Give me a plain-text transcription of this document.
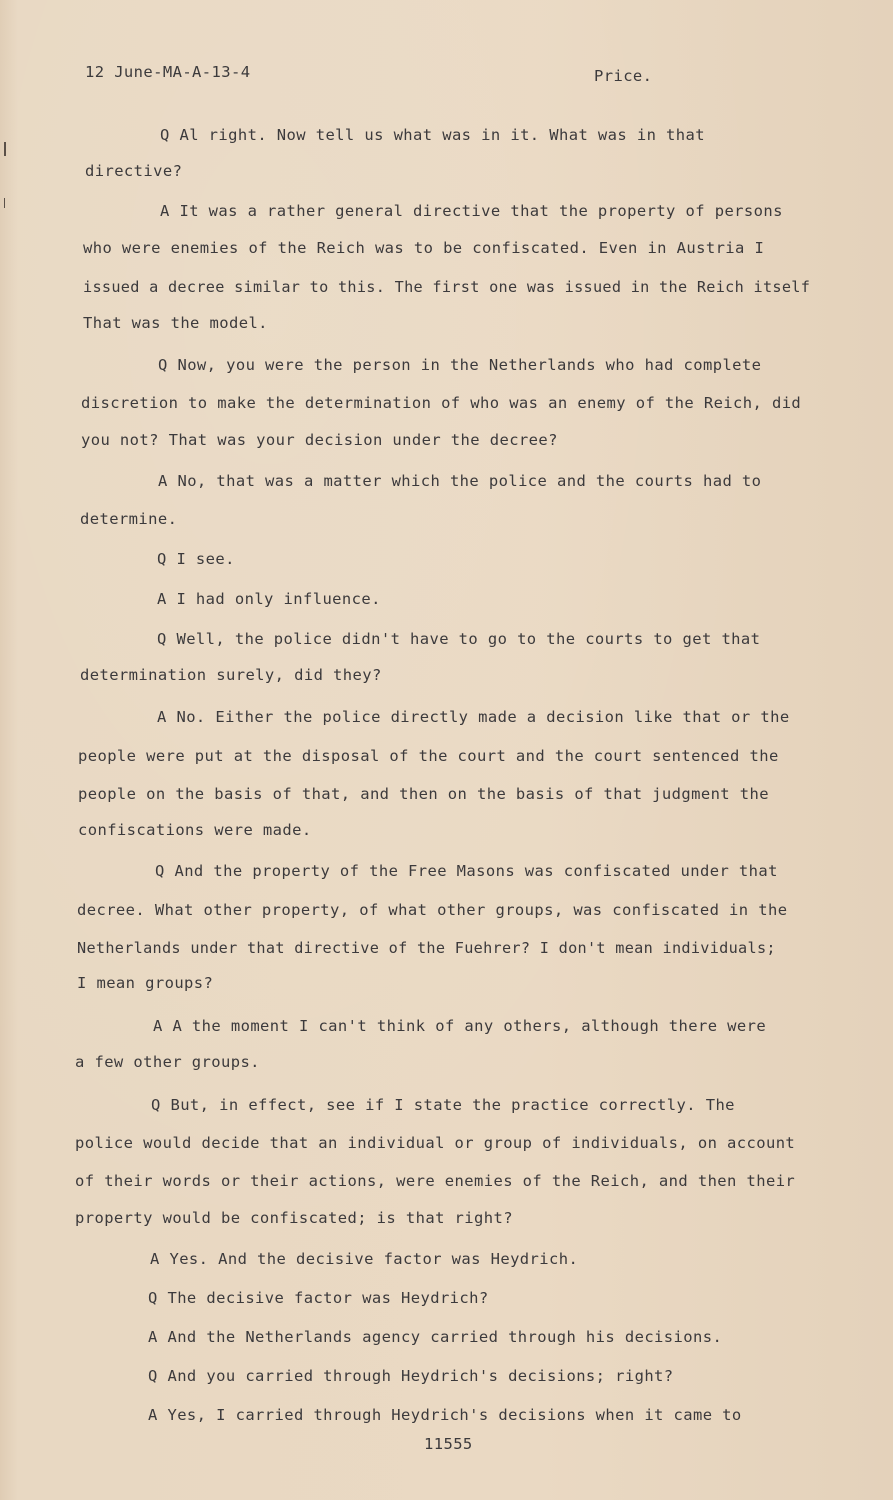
12 June-MA-A-13-4	Price.
Q Al right. Now tell us what was in it. What was in that
directive?
A It was a rather general directive that the property of persons
who were enemies of the Reich was to be confiscated. Even in Austria I
issued a decree similar to this. The first one was issued in the Reich itself
That was the model.
Q Now, you were the person in the Netherlands who had complete
discretion to make the determination of who was an enemy of the Reich, did
you not? That was your decision under the decree?
A No, that was a matter which the police and the courts had to
determine.
Q I see.
A I had only influence.
Q Well, the police didn't have to go to the courts to get that
determination surely, did they?
A No. Either the police directly made a decision like that or the
people were put at the disposal of the court and the court sentenced the
people on the basis of that, and then on the basis of that judgment the
confiscations were made.
Q And the property of the Free Masons was confiscated under that
decree. What other property, of what other groups, was confiscated in the
Netherlands under that directive of the Fuehrer? I don't mean individuals;
I mean groups?
A A the moment I can't think of any others, although there were
a few other groups.
Q But, in effect, see if I state the practice correctly. The
police would decide that an individual or group of individuals, on account
of their words or their actions, were enemies of the Reich, and then their
property would be confiscated; is that right?
A Yes. And the decisive factor was Heydrich.
Q The decisive factor was Heydrich?
A And the Netherlands agency carried through his decisions.
Q And you carried through Heydrich's decisions; right?
A Yes, I carried through Heydrich's decisions when it came to
11555
